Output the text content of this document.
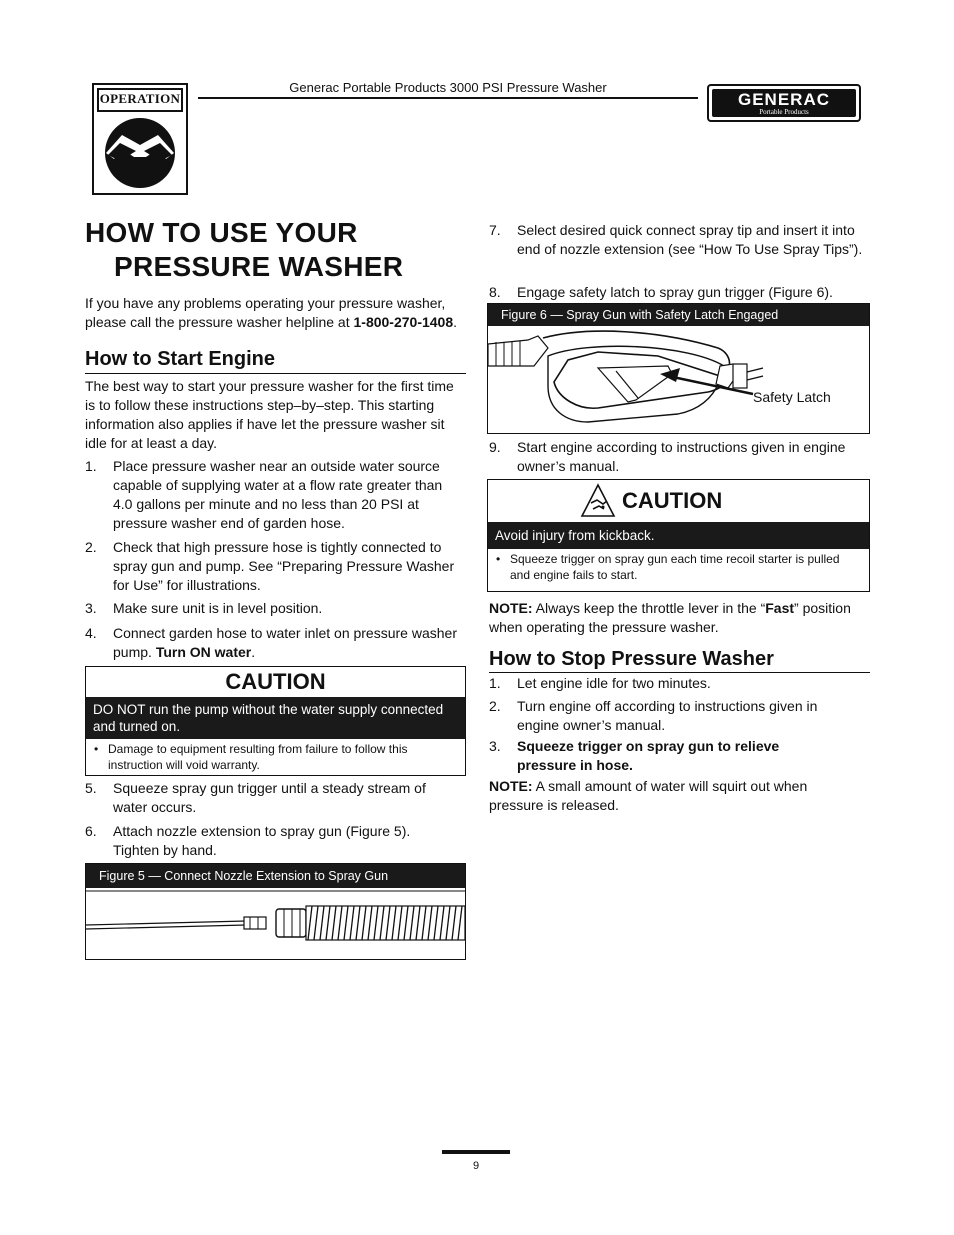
OPERATION
Generac Portable Products 3000 PSI Pressure Washer
GENERAC
Portable Products
HOW TO USE YOUR
PRESSURE WASHER

If you have any problems operating your pressure washer, please call the pressure washer helpline at 1-800-270-1408.

How to Start Engine

The best way to start your pressure washer for the first time is to follow these instructions step–by–step. This starting information also applies if have let the pressure washer sit idle for at least a day.

1. Place pressure washer near an outside water source capable of supplying water at a flow rate greater than 4.0 gallons per minute and no less than 20 PSI at pressure washer end of garden hose.
2. Check that high pressure hose is tightly connected to spray gun and pump. See “Preparing Pressure Washer for Use” for illustrations.
3. Make sure unit is in level position.
4. Connect garden hose to water inlet on pressure washer pump. Turn ON water.
CAUTION
DO NOT run the pump without the water supply connected and turned on.
• Damage to equipment resulting from failure to follow this instruction will void warranty.
5. Squeeze spray gun trigger until a steady stream of water occurs.
6. Attach nozzle extension to spray gun (Figure 5). Tighten by hand.
Figure 5 — Connect Nozzle Extension to Spray Gun
7. Select desired quick connect spray tip and insert it into end of nozzle extension (see “How To Use Spray Tips”).
8. Engage safety latch to spray gun trigger (Figure 6).
Figure 6 — Spray Gun with Safety Latch Engaged
Safety Latch
9. Start engine according to instructions given in engine owner’s manual.
CAUTION
Avoid injury from kickback.
• Squeeze trigger on spray gun each time recoil starter is pulled and engine fails to start.

NOTE: Always keep the throttle lever in the “Fast” position when operating the pressure washer.

How to Stop Pressure Washer
1. Let engine idle for two minutes.
2. Turn engine off according to instructions given in engine owner’s manual.
3. Squeeze trigger on spray gun to relieve pressure in hose.

NOTE: A small amount of water will squirt out when pressure is released.

9
